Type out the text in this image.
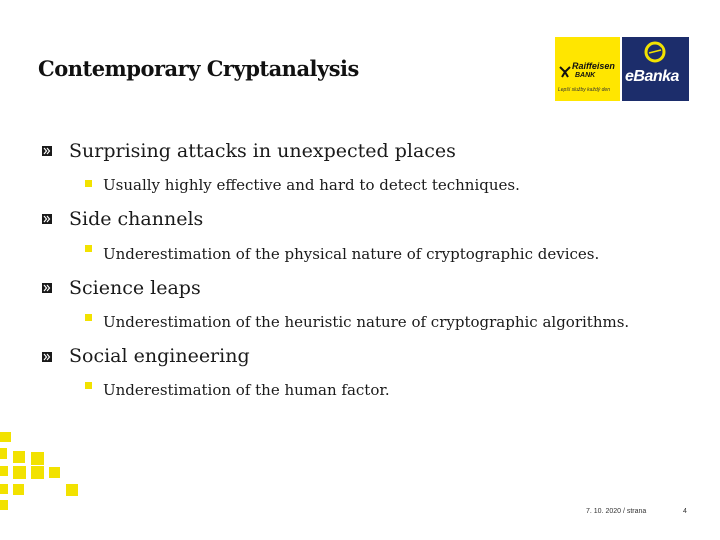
Contemporary Cryptanalysis	Raiffeisen
BANK
Lepší služby každý den
eBanka
Surprising attacks in unexpected places
Usually highly effective and hard to detect techniques.
Side channels
Underestimation of the physical nature of cryptographic devices.
Science leaps
Underestimation of the heuristic nature of cryptographic algorithms.
Social engineering
Underestimation of the human factor.
7. 10. 2020 / strana	4
